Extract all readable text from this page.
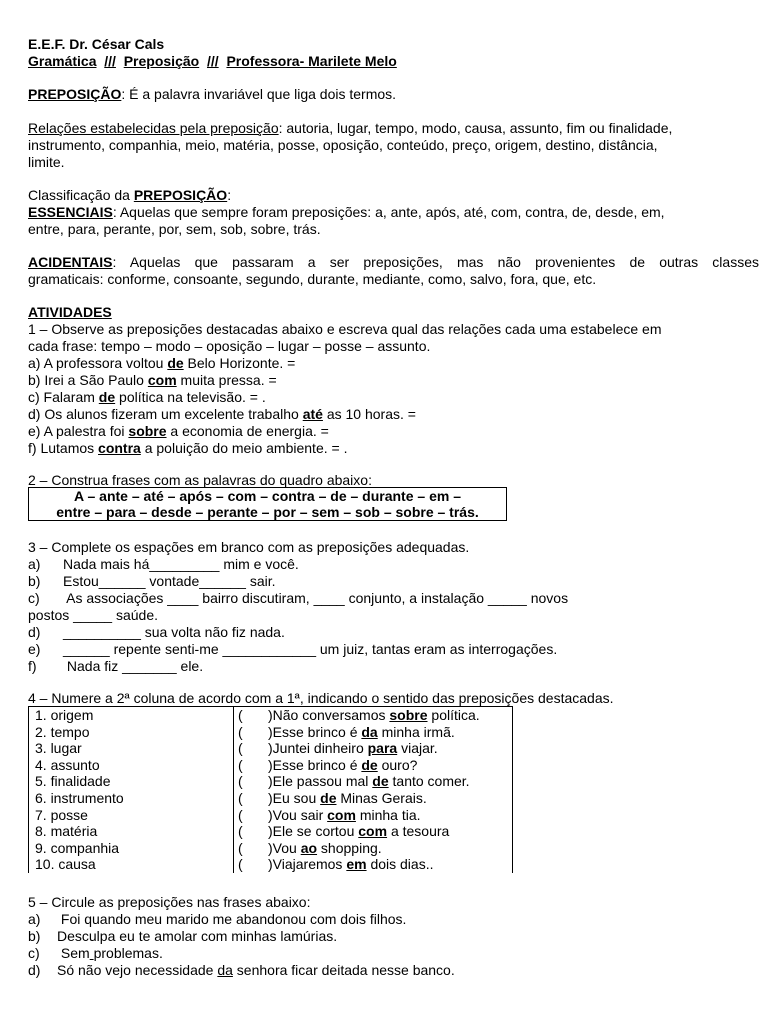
E.E.F. Dr. César Cals
Gramática /// Preposição /// Professora- Marilete Melo
PREPOSIÇÃO: É a palavra invariável que liga dois termos.
Relações estabelecidas pela preposição: autoria, lugar, tempo, modo, causa, assunto, fim ou finalidade,
instrumento, companhia, meio, matéria, posse, oposição, conteúdo, preço, origem, destino, distância,
limite.
Classificação da PREPOSIÇÃO:
ESSENCIAIS: Aquelas que sempre foram preposições: a, ante, após, até, com, contra, de, desde, em,
entre, para, perante, por, sem, sob, sobre, trás.
ACIDENTAIS: Aquelas que passaram a ser preposições, mas não provenientes de outras classes
gramaticais: conforme, consoante, segundo, durante, mediante, como, salvo, fora, que, etc.
ATIVIDADES
1 – Observe as preposições destacadas abaixo e escreva qual das relações cada uma estabelece em
cada frase: tempo – modo – oposição – lugar – posse – assunto.
a) A professora voltou de Belo Horizonte. =
b) Irei a São Paulo com muita pressa. =
c) Falaram de política na televisão. = .
d) Os alunos fizeram um excelente trabalho até as 10 horas. =
e) A palestra foi sobre a economia de energia. =
f) Lutamos contra a poluição do meio ambiente. = .
2 – Construa frases com as palavras do quadro abaixo:
A – ante – até – após – com – contra – de – durante – em –
entre – para – desde – perante – por – sem – sob – sobre – trás.
3 – Complete os espações em branco com as preposições adequadas.
a) Nada mais há_________ mim e você.
b) Estou______ vontade______ sair.
c) As associações ____ bairro discutiram, ____ conjunto, a instalação _____ novos
postos _____ saúde.
d) __________ sua volta não fiz nada.
e) ______ repente senti-me ____________ um juiz, tantas eram as interrogações.
f) Nada fiz _______ ele.
4 – Numere a 2ª coluna de acordo com a 1ª, indicando o sentido das preposições destacadas.
1. origem	( )Não conversamos sobre política.
2. tempo	( )Esse brinco é da minha irmã.
3. lugar	( )Juntei dinheiro para viajar.
4. assunto	( )Esse brinco é de ouro?
5. finalidade	( )Ele passou mal de tanto comer.
6. instrumento	( )Eu sou de Minas Gerais.
7. posse	( )Vou sair com minha tia.
8. matéria	( )Ele se cortou com a tesoura
9. companhia	( )Vou ao shopping.
10. causa	( )Viajaremos em dois dias..
5 – Circule as preposições nas frases abaixo:
a) Foi quando meu marido me abandonou com dois filhos.
b) Desculpa eu te amolar com minhas lamúrias.
c) Sem problemas.
d) Só não vejo necessidade da senhora ficar deitada nesse banco.
